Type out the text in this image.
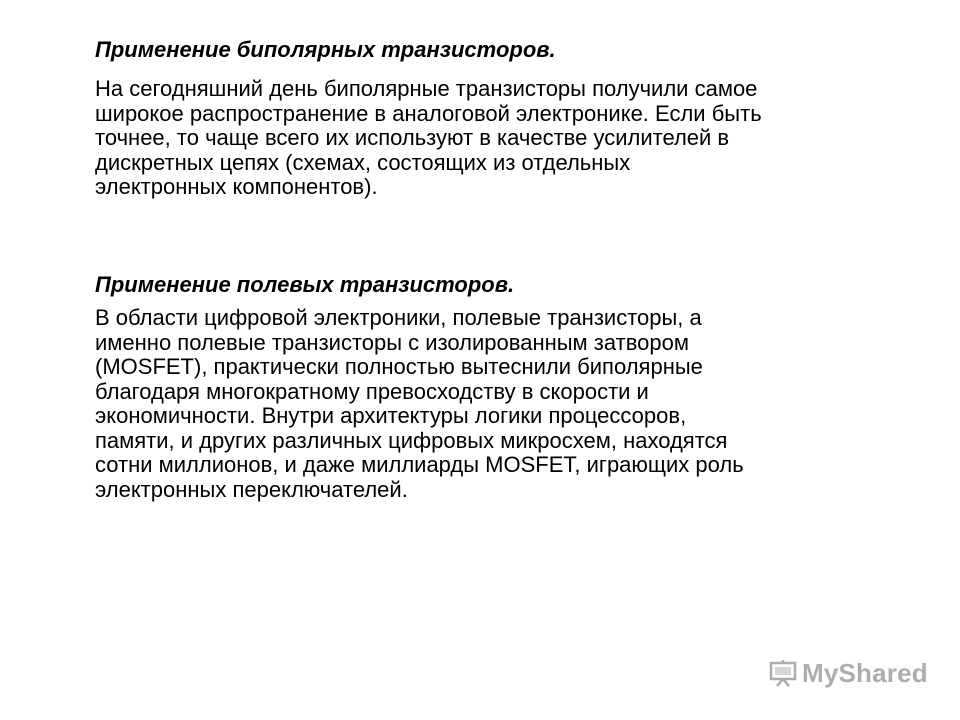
Применение биполярных транзисторов.

На сегодняшний день биполярные транзисторы получили самое
широкое распространение в аналоговой электронике. Если быть
точнее, то чаще всего их используют в качестве усилителей в
дискретных цепях (схемах, состоящих из отдельных
электронных компонентов).

Применение полевых транзисторов.

В области цифровой электроники, полевые транзисторы, а
именно полевые транзисторы с изолированным затвором
(MOSFET), практически полностью вытеснили биполярные
благодаря многократному превосходству в скорости и
экономичности. Внутри архитектуры логики процессоров,
памяти, и других различных цифровых микросхем, находятся
сотни миллионов, и даже миллиарды MOSFET, играющих роль
электронных переключателей.

MyShared
